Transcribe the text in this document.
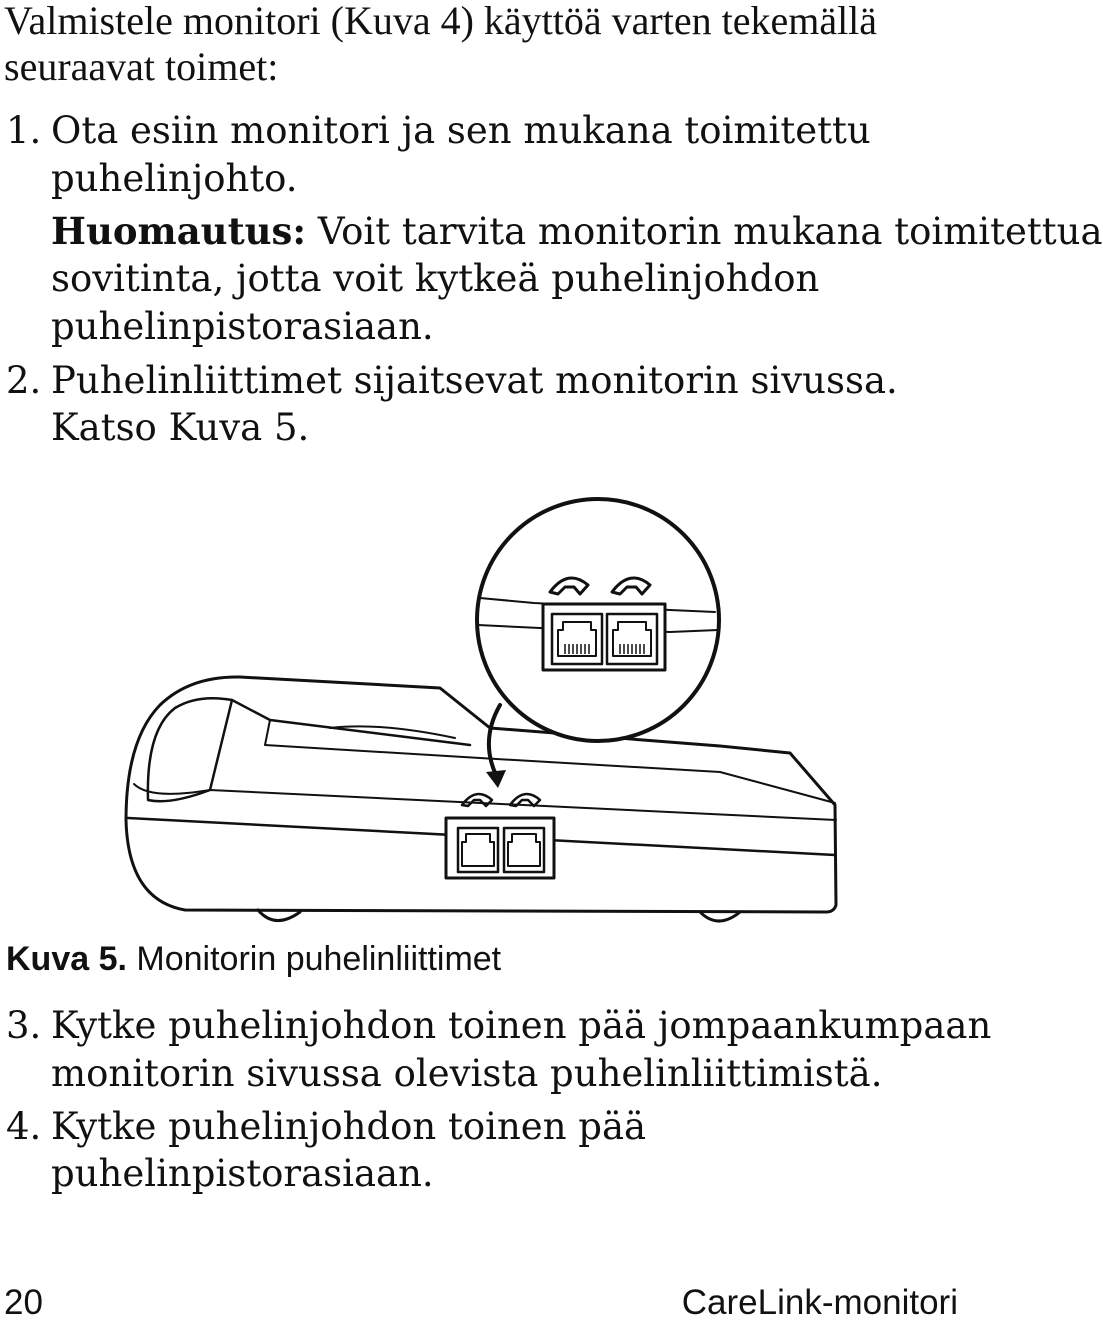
Valmistele monitori (Kuva 4) käyttöä varten tekemällä
seuraavat toimet:
1. Ota esiin monitori ja sen mukana toimitettu
puhelinjohto.
Huomautus: Voit tarvita monitorin mukana toimitettua
sovitinta, jotta voit kytkeä puhelinjohdon
puhelinpistorasiaan.
2. Puhelinliittimet sijaitsevat monitorin sivussa.
Katso Kuva 5.
Kuva 5. Monitorin puhelinliittimet
3. Kytke puhelinjohdon toinen pää jompaankumpaan
monitorin sivussa olevista puhelinliittimistä.
4. Kytke puhelinjohdon toinen pää
puhelinpistorasiaan.
20	CareLink-monitori
